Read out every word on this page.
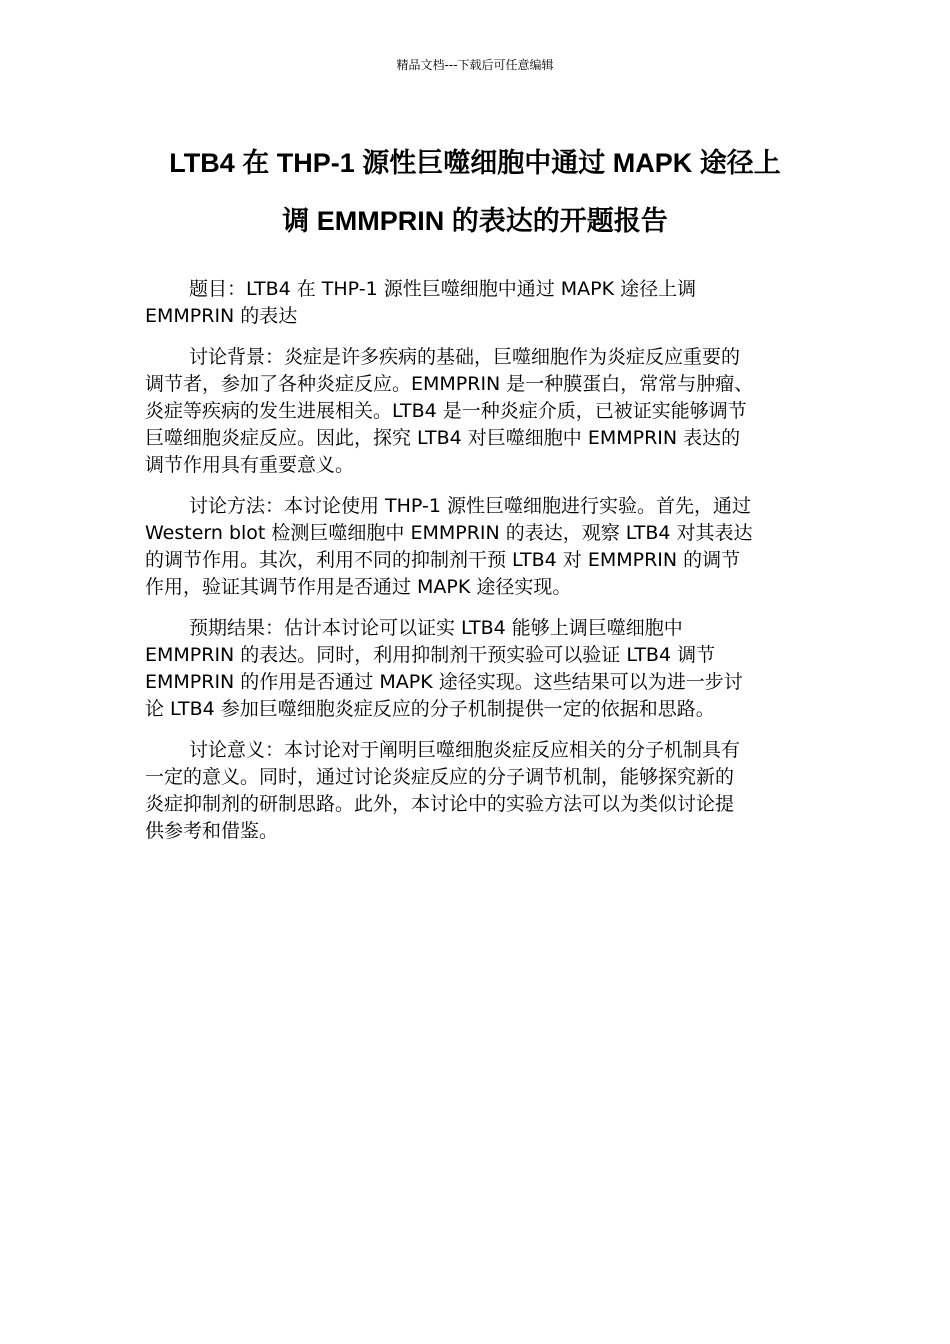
精品文档---下载后可任意编辑
LTB4 在 THP-1 源性巨噬细胞中通过 MAPK 途径上
调 EMMPRIN 的表达的开题报告

题目：LTB4 在 THP-1 源性巨噬细胞中通过 MAPK 途径上调
EMMPRIN 的表达

讨论背景：炎症是许多疾病的基础，巨噬细胞作为炎症反应重要的
调节者，参加了各种炎症反应。EMMPRIN 是一种膜蛋白，常常与肿瘤、
炎症等疾病的发生进展相关。LTB4 是一种炎症介质，已被证实能够调节
巨噬细胞炎症反应。因此，探究 LTB4 对巨噬细胞中 EMMPRIN 表达的
调节作用具有重要意义。

讨论方法：本讨论使用 THP-1 源性巨噬细胞进行实验。首先，通过
Western blot 检测巨噬细胞中 EMMPRIN 的表达，观察 LTB4 对其表达
的调节作用。其次，利用不同的抑制剂干预 LTB4 对 EMMPRIN 的调节
作用，验证其调节作用是否通过 MAPK 途径实现。

预期结果：估计本讨论可以证实 LTB4 能够上调巨噬细胞中
EMMPRIN 的表达。同时，利用抑制剂干预实验可以验证 LTB4 调节
EMMPRIN 的作用是否通过 MAPK 途径实现。这些结果可以为进一步讨
论 LTB4 参加巨噬细胞炎症反应的分子机制提供一定的依据和思路。

讨论意义：本讨论对于阐明巨噬细胞炎症反应相关的分子机制具有
一定的意义。同时，通过讨论炎症反应的分子调节机制，能够探究新的
炎症抑制剂的研制思路。此外，本讨论中的实验方法可以为类似讨论提
供参考和借鉴。
